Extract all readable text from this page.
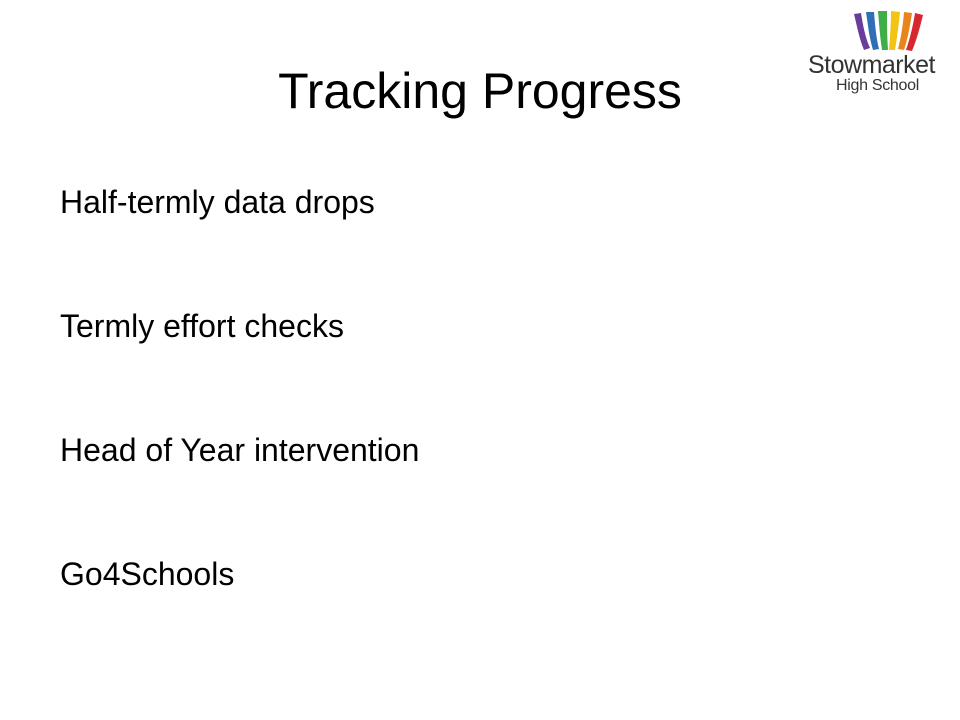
Stowmarket
High School
Tracking Progress
Half-termly data drops
Termly effort checks
Head of Year intervention
Go4Schools
